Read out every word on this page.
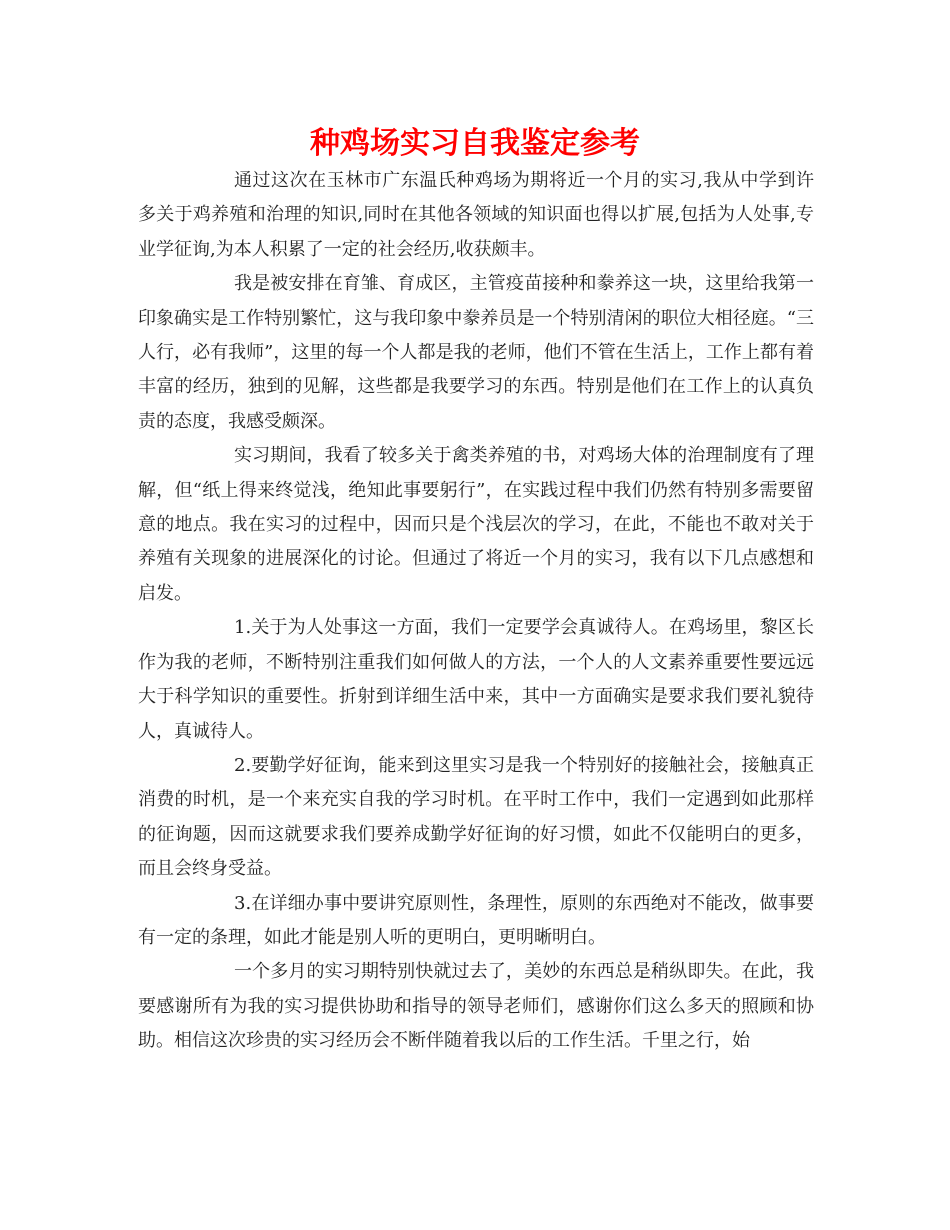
种鸡场实习自我鉴定参考

通过这次在玉林市广东温氏种鸡场为期将近一个月的实习,我从中学到许多关于鸡养殖和治理的知识,同时在其他各领域的知识面也得以扩展,包括为人处事,专业学征询,为本人积累了一定的社会经历,收获颇丰。

我是被安排在育雏、育成区，主管疫苗接种和豢养这一块，这里给我第一印象确实是工作特别繁忙，这与我印象中豢养员是一个特别清闲的职位大相径庭。“三人行，必有我师”，这里的每一个人都是我的老师，他们不管在生活上，工作上都有着丰富的经历，独到的见解，这些都是我要学习的东西。特别是他们在工作上的认真负责的态度，我感受颇深。

实习期间，我看了较多关于禽类养殖的书，对鸡场大体的治理制度有了理解，但“纸上得来终觉浅，绝知此事要躬行”，在实践过程中我们仍然有特别多需要留意的地点。我在实习的过程中，因而只是个浅层次的学习，在此，不能也不敢对关于养殖有关现象的进展深化的讨论。但通过了将近一个月的实习，我有以下几点感想和启发。

1.关于为人处事这一方面，我们一定要学会真诚待人。在鸡场里，黎区长作为我的老师，不断特别注重我们如何做人的方法，一个人的人文素养重要性要远远大于科学知识的重要性。折射到详细生活中来，其中一方面确实是要求我们要礼貌待人，真诚待人。

2.要勤学好征询，能来到这里实习是我一个特别好的接触社会，接触真正消费的时机，是一个来充实自我的学习时机。在平时工作中，我们一定遇到如此那样的征询题，因而这就要求我们要养成勤学好征询的好习惯，如此不仅能明白的更多，而且会终身受益。

3.在详细办事中要讲究原则性，条理性，原则的东西绝对不能改，做事要有一定的条理，如此才能是别人听的更明白，更明晰明白。

一个多月的实习期特别快就过去了，美妙的东西总是稍纵即失。在此，我要感谢所有为我的实习提供协助和指导的领导老师们，感谢你们这么多天的照顾和协助。相信这次珍贵的实习经历会不断伴随着我以后的工作生活。千里之行，始
